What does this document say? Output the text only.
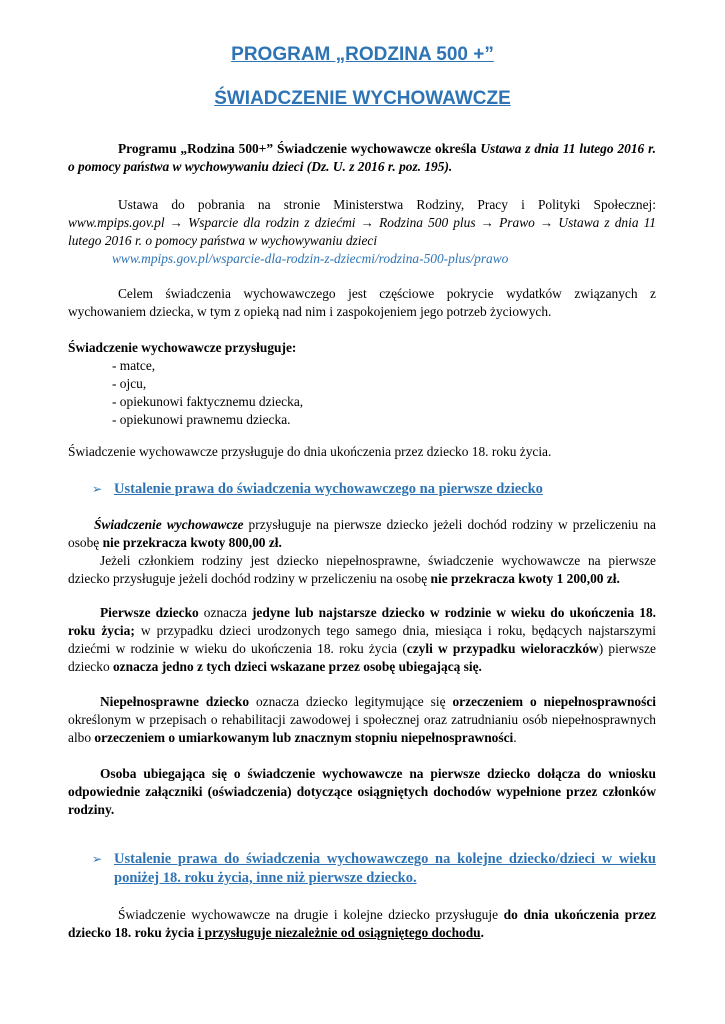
PROGRAM „RODZINA 500 +”
ŚWIADCZENIE WYCHOWAWCZE
Programu „Rodzina 500+” Świadczenie wychowawcze określa Ustawa z dnia 11 lutego 2016 r. o pomocy państwa w wychowywaniu dzieci (Dz. U. z 2016 r. poz. 195).
Ustawa do pobrania na stronie Ministerstwa Rodziny, Pracy i Polityki Społecznej: www.mpips.gov.pl → Wsparcie dla rodzin z dziećmi → Rodzina 500 plus → Prawo → Ustawa z dnia 11 lutego 2016 r. o pomocy państwa w wychowywaniu dzieci
www.mpips.gov.pl/wsparcie-dla-rodzin-z-dziecmi/rodzina-500-plus/prawo
Celem świadczenia wychowawczego jest częściowe pokrycie wydatków związanych z wychowaniem dziecka, w tym z opieką nad nim i zaspokojeniem jego potrzeb życiowych.
Świadczenie wychowawcze przysługuje:
- matce,
- ojcu,
- opiekunowi faktycznemu dziecka,
- opiekunowi prawnemu dziecka.
Świadczenie wychowawcze przysługuje do dnia ukończenia przez dziecko 18. roku życia.
➢ Ustalenie prawa do świadczenia wychowawczego na pierwsze dziecko
Świadczenie wychowawcze przysługuje na pierwsze dziecko jeżeli dochód rodziny w przeliczeniu na osobę nie przekracza kwoty 800,00 zł.
Jeżeli członkiem rodziny jest dziecko niepełnosprawne, świadczenie wychowawcze na pierwsze dziecko przysługuje jeżeli dochód rodziny w przeliczeniu na osobę nie przekracza kwoty 1 200,00 zł.
Pierwsze dziecko oznacza jedyne lub najstarsze dziecko w rodzinie w wieku do ukończenia 18. roku życia; w przypadku dzieci urodzonych tego samego dnia, miesiąca i roku, będących najstarszymi dziećmi w rodzinie w wieku do ukończenia 18. roku życia (czyli w przypadku wieloraczków) pierwsze dziecko oznacza jedno z tych dzieci wskazane przez osobę ubiegającą się.
Niepełnosprawne dziecko oznacza dziecko legitymujące się orzeczeniem o niepełnosprawności określonym w przepisach o rehabilitacji zawodowej i społecznej oraz zatrudnianiu osób niepełnosprawnych albo orzeczeniem o umiarkowanym lub znacznym stopniu niepełnosprawności.
Osoba ubiegająca się o świadczenie wychowawcze na pierwsze dziecko dołącza do wniosku odpowiednie załączniki (oświadczenia) dotyczące osiągniętych dochodów wypełnione przez członków rodziny.
➢ Ustalenie prawa do świadczenia wychowawczego na kolejne dziecko/dzieci w wieku poniżej 18. roku życia, inne niż pierwsze dziecko.
Świadczenie wychowawcze na drugie i kolejne dziecko przysługuje do dnia ukończenia przez dziecko 18. roku życia i przysługuje niezależnie od osiągniętego dochodu.
